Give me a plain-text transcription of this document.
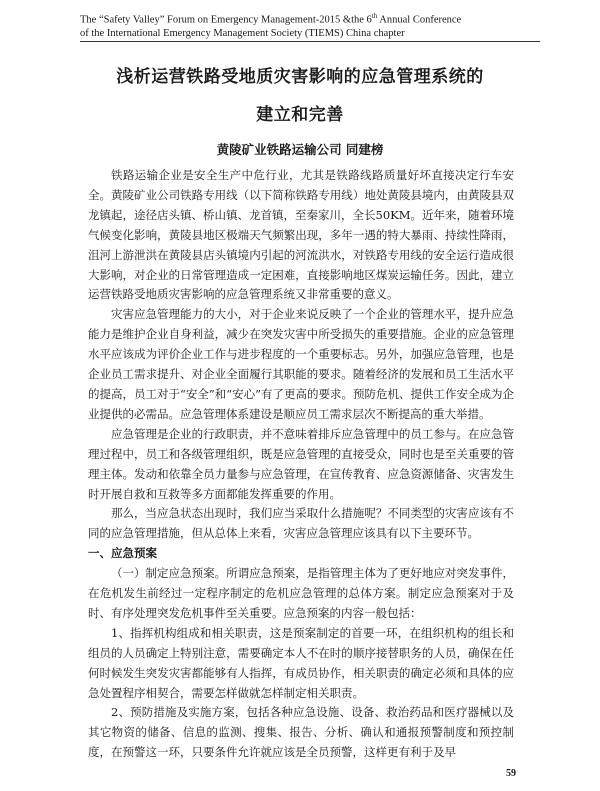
The “Safety Valley” Forum on Emergency Management-2015 &the 6th Annual Conference
of the International Emergency Management Society (TIEMS) China chapter
浅析运营铁路受地质灾害影响的应急管理系统的
建立和完善
黄陵矿业铁路运输公司 同建榜

铁路运输企业是安全生产中危行业，尤其是铁路线路质量好坏直接决定行车安全。黄陵矿业公司铁路专用线（以下简称铁路专用线）地处黄陵县境内，由黄陵县双龙镇起，途径店头镇、桥山镇、龙首镇，至秦家川，全长50KM。近年来，随着环境气候变化影响，黄陵县地区极端天气频繁出现，多年一遇的特大暴雨、持续性降雨，沮河上游泄洪在黄陵县店头镇境内引起的河流洪水，对铁路专用线的安全运行造成很大影响，对企业的日常管理造成一定困难，直接影响地区煤炭运输任务。因此，建立运营铁路受地质灾害影响的应急管理系统又非常重要的意义。

灾害应急管理能力的大小，对于企业来说反映了一个企业的管理水平，提升应急能力是维护企业自身利益，减少在突发灾害中所受损失的重要措施。企业的应急管理水平应该成为评价企业工作与进步程度的一个重要标志。另外，加强应急管理，也是企业员工需求提升、对企业全面履行其职能的要求。随着经济的发展和员工生活水平的提高，员工对于“安全”和“安心”有了更高的要求。预防危机、提供工作安全成为企业提供的必需品。应急管理体系建设是顺应员工需求层次不断提高的重大举措。

应急管理是企业的行政职责，并不意味着排斥应急管理中的员工参与。在应急管理过程中，员工和各级管理组织，既是应急管理的直接受众，同时也是至关重要的管理主体。发动和依靠全员力量参与应急管理，在宣传教育、应急资源储备、灾害发生时开展自救和互救等多方面都能发挥重要的作用。

那么，当应急状态出现时，我们应当采取什么措施呢？不同类型的灾害应该有不同的应急管理措施，但从总体上来看，灾害应急管理应该具有以下主要环节。

一、应急预案

（一）制定应急预案。所谓应急预案，是指管理主体为了更好地应对突发事件，在危机发生前经过一定程序制定的危机应急管理的总体方案。制定应急预案对于及时、有序处理突发危机事件至关重要。应急预案的内容一般包括：

1、指挥机构组成和相关职责，这是预案制定的首要一环，在组织机构的组长和组员的人员确定上特别注意，需要确定本人不在时的顺序接替职务的人员，确保在任何时候发生突发灾害都能够有人指挥，有成员协作，相关职责的确定必须和具体的应急处置程序相契合，需要怎样做就怎样制定相关职责。

2、预防措施及实施方案，包括各种应急设施、设备、救治药品和医疗器械以及其它物资的储备、信息的监测、搜集、报告、分析、确认和通报预警制度和预控制度，在预警这一环，只要条件允许就应该是全员预警，这样更有利于及早

59
